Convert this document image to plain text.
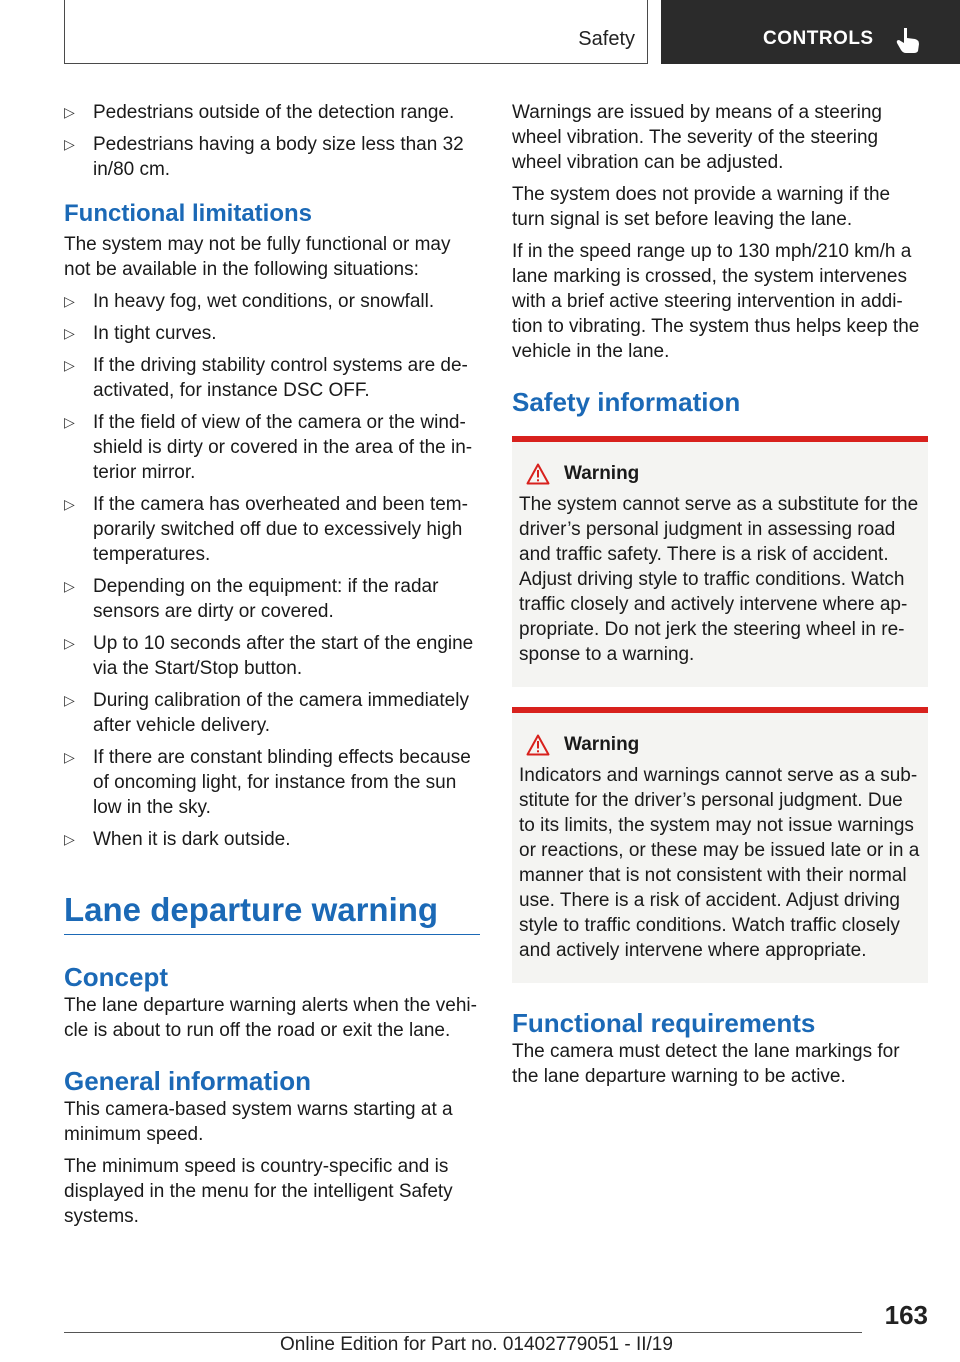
Safety	CONTROLS
▷ Pedestrians outside of the detection range.
▷ Pedestrians having a body size less than 32 in/80 cm.
Functional limitations

The system may not be fully functional or may not be available in the following situations:

▷ In heavy fog, wet conditions, or snowfall.
▷ In tight curves.
▷ If the driving stability control systems are de-activated, for instance DSC OFF.
▷ If the field of view of the camera or the wind-shield is dirty or covered in the area of the in-terior mirror.
▷ If the camera has overheated and been tem-porarily switched off due to excessively high temperatures.
▷ Depending on the equipment: if the radar sensors are dirty or covered.
▷ Up to 10 seconds after the start of the engine via the Start/Stop button.
▷ During calibration of the camera immediately after vehicle delivery.
▷ If there are constant blinding effects because of oncoming light, for instance from the sun low in the sky.
▷ When it is dark outside.
Lane departure warning
Concept

The lane departure warning alerts when the vehi-cle is about to run off the road or exit the lane.

General information

This camera-based system warns starting at a minimum speed.

The minimum speed is country-specific and is displayed in the menu for the intelligent Safety systems.

Warnings are issued by means of a steering wheel vibration. The severity of the steering wheel vibration can be adjusted.

The system does not provide a warning if the turn signal is set before leaving the lane.

If in the speed range up to 130 mph/210 km/h a lane marking is crossed, the system intervenes with a brief active steering intervention in addi-tion to vibrating. The system thus helps keep the vehicle in the lane.

Safety information
Warning

The system cannot serve as a substitute for the driver’s personal judgment in assessing road and traffic safety. There is a risk of accident. Adjust driving style to traffic conditions. Watch traffic closely and actively intervene where ap-propriate. Do not jerk the steering wheel in re-sponse to a warning.

Warning

Indicators and warnings cannot serve as a sub-stitute for the driver’s personal judgment. Due to its limits, the system may not issue warnings or reactions, or these may be issued late or in a manner that is not consistent with their normal use. There is a risk of accident. Adjust driving style to traffic conditions. Watch traffic closely and actively intervene where appropriate.

Functional requirements

The camera must detect the lane markings for the lane departure warning to be active.

163
Online Edition for Part no. 01402779051 - II/19
